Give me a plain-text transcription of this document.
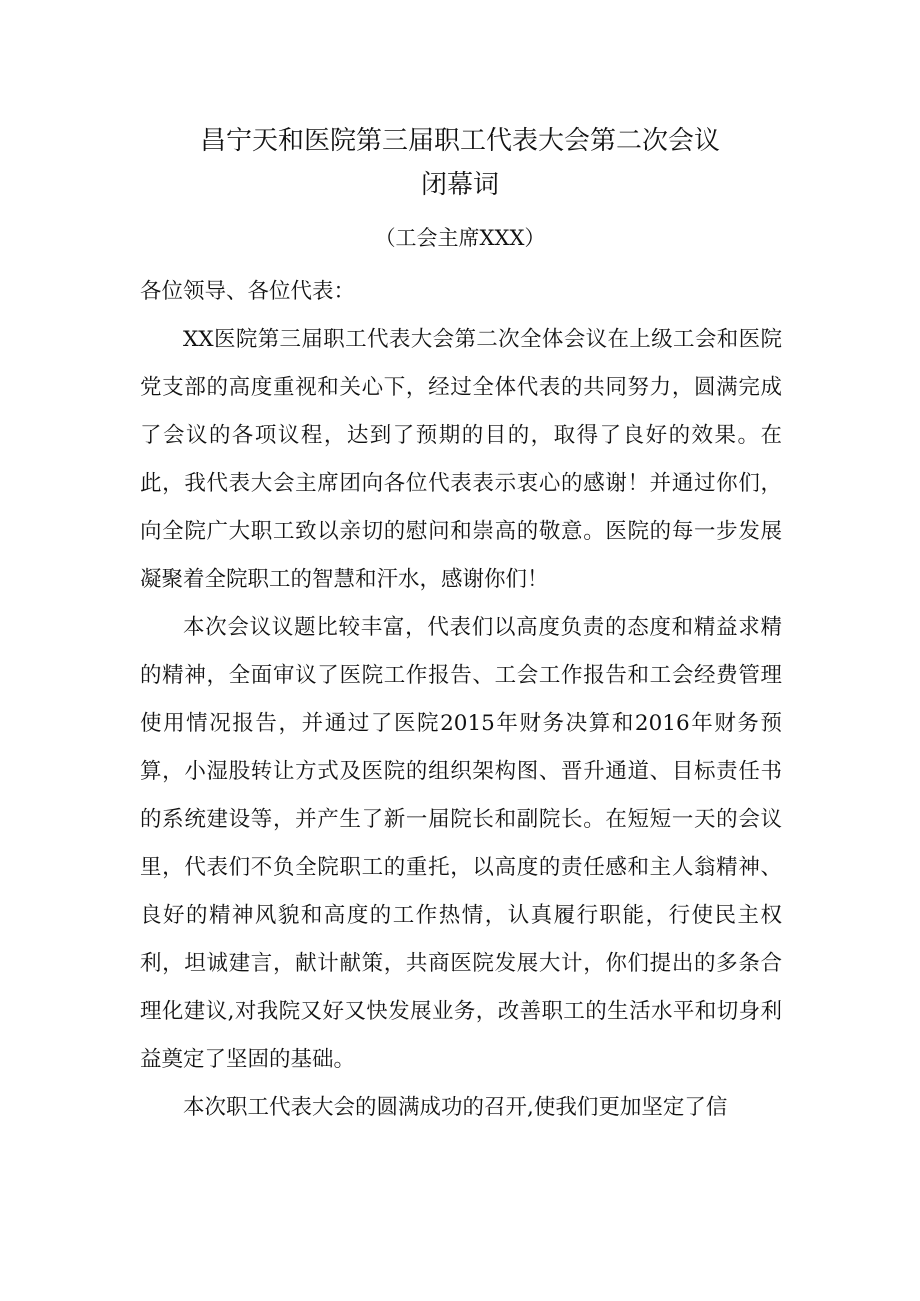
昌宁天和医院第三届职工代表大会第二次会议
闭幕词
（工会主席XXX）

各位领导、各位代表：

XX医院第三届职工代表大会第二次全体会议在上级工会和医院党支部的高度重视和关心下，经过全体代表的共同努力，圆满完成了会议的各项议程，达到了预期的目的，取得了良好的效果。在此，我代表大会主席团向各位代表表示衷心的感谢！并通过你们，向全院广大职工致以亲切的慰问和崇高的敬意。医院的每一步发展凝聚着全院职工的智慧和汗水，感谢你们！

本次会议议题比较丰富，代表们以高度负责的态度和精益求精的精神，全面审议了医院工作报告、工会工作报告和工会经费管理使用情况报告，并通过了医院2015年财务决算和2016年财务预算，小湿股转让方式及医院的组织架构图、晋升通道、目标责任书的系统建设等，并产生了新一届院长和副院长。在短短一天的会议里，代表们不负全院职工的重托，以高度的责任感和主人翁精神、良好的精神风貌和高度的工作热情，认真履行职能，行使民主权利，坦诚建言，献计献策，共商医院发展大计，你们提出的多条合理化建议,对我院又好又快发展业务，改善职工的生活水平和切身利益奠定了坚固的基础。

本次职工代表大会的圆满成功的召开,使我们更加坚定了信
